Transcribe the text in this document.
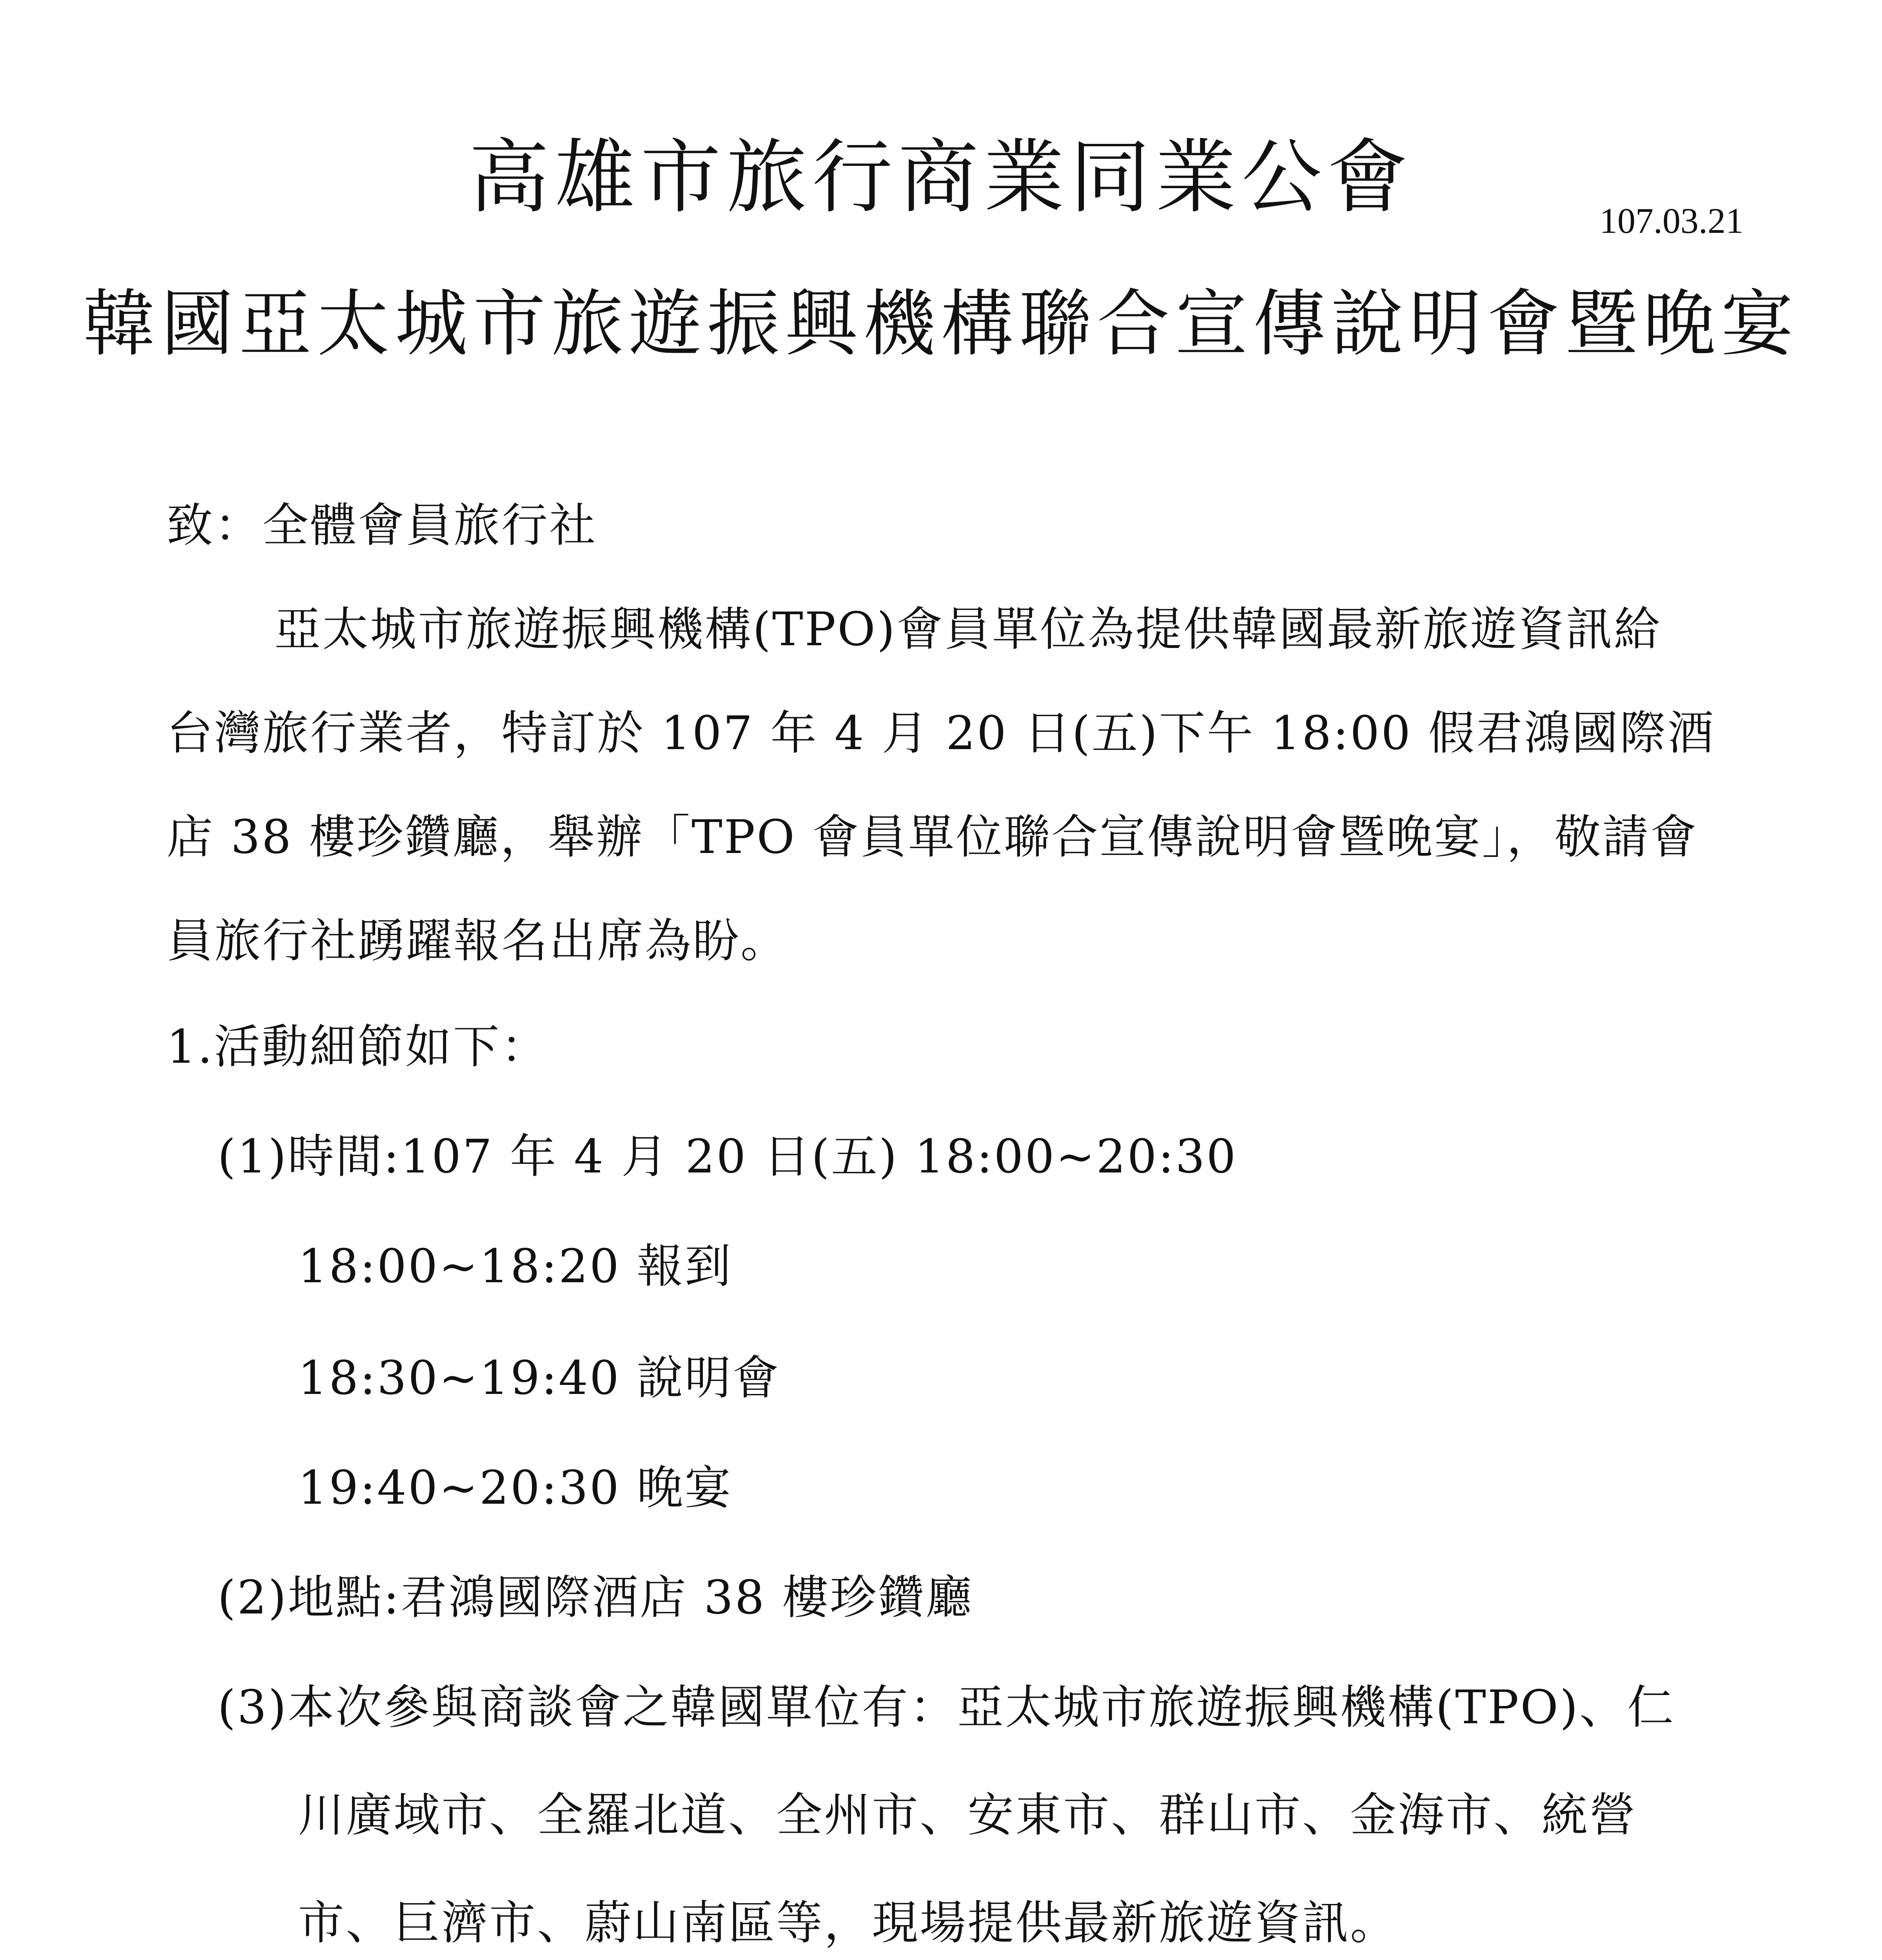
高雄市旅行商業同業公會	107.03.21
韓國亞太城市旅遊振興機構聯合宣傳說明會暨晚宴
致：全體會員旅行社
亞太城市旅遊振興機構(TPO)會員單位為提供韓國最新旅遊資訊給
台灣旅行業者，特訂於 107 年 4 月 20 日(五)下午 18:00 假君鴻國際酒
店 38 樓珍鑽廳，舉辦「TPO 會員單位聯合宣傳說明會暨晚宴」，敬請會
員旅行社踴躍報名出席為盼。
1.活動細節如下：
(1)時間:107 年 4 月 20 日(五) 18:00~20:30
18:00~18:20 報到
18:30~19:40 說明會
19:40~20:30 晚宴
(2)地點:君鴻國際酒店 38 樓珍鑽廳
(3)本次參與商談會之韓國單位有：亞太城市旅遊振興機構(TPO)、仁
川廣域市、全羅北道、全州市、安東市、群山市、金海市、統營
市、巨濟市、蔚山南區等，現場提供最新旅遊資訊。
